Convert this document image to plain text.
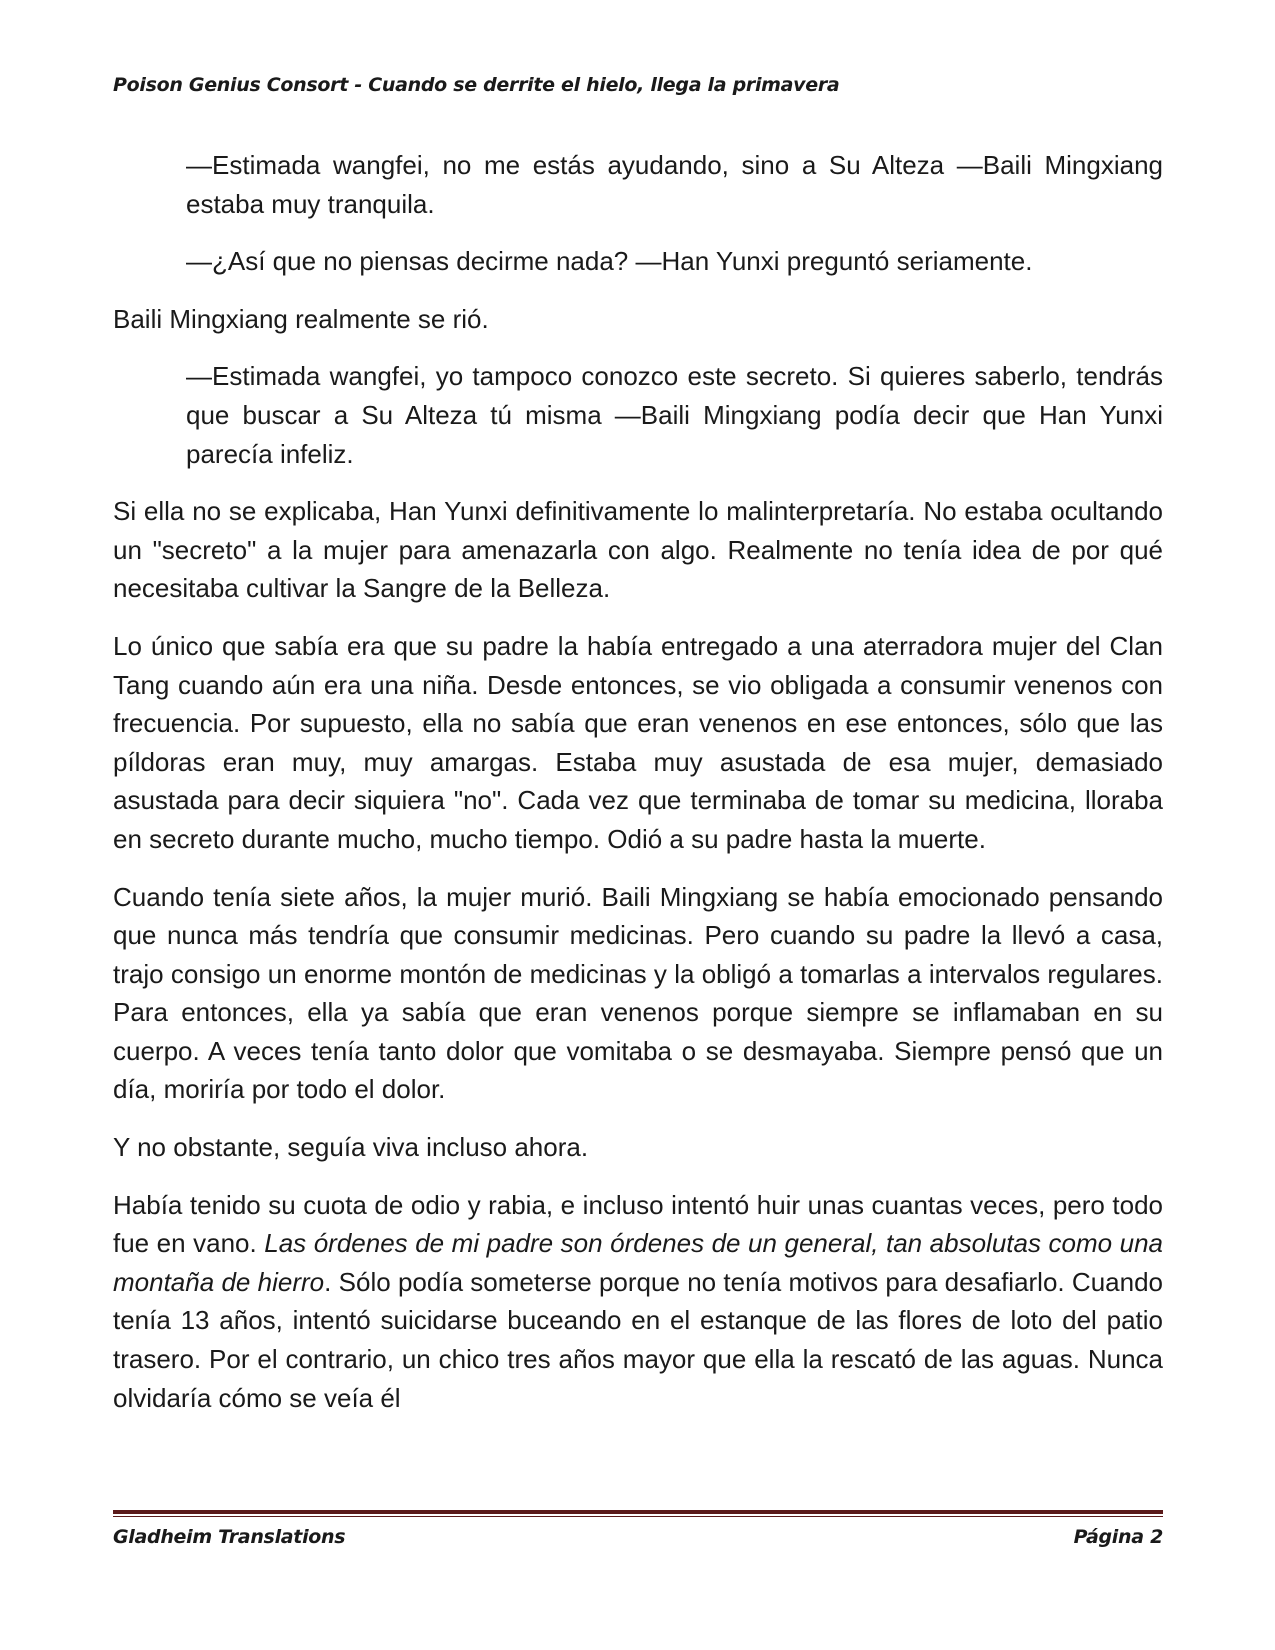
Poison Genius Consort - Cuando se derrite el hielo, llega la primavera

—Estimada wangfei, no me estás ayudando, sino a Su Alteza —Baili Mingxiang estaba muy tranquila.

—¿Así que no piensas decirme nada? —Han Yunxi preguntó seriamente.

Baili Mingxiang realmente se rió.

—Estimada wangfei, yo tampoco conozco este secreto. Si quieres saberlo, tendrás que buscar a Su Alteza tú misma —Baili Mingxiang podía decir que Han Yunxi parecía infeliz.

Si ella no se explicaba, Han Yunxi definitivamente lo malinterpretaría. No estaba ocultando un "secreto" a la mujer para amenazarla con algo. Realmente no tenía idea de por qué necesitaba cultivar la Sangre de la Belleza.

Lo único que sabía era que su padre la había entregado a una aterradora mujer del Clan Tang cuando aún era una niña. Desde entonces, se vio obligada a consumir venenos con frecuencia. Por supuesto, ella no sabía que eran venenos en ese entonces, sólo que las píldoras eran muy, muy amargas. Estaba muy asustada de esa mujer, demasiado asustada para decir siquiera "no". Cada vez que terminaba de tomar su medicina, lloraba en secreto durante mucho, mucho tiempo. Odió a su padre hasta la muerte.

Cuando tenía siete años, la mujer murió. Baili Mingxiang se había emocionado pensando que nunca más tendría que consumir medicinas. Pero cuando su padre la llevó a casa, trajo consigo un enorme montón de medicinas y la obligó a tomarlas a intervalos regulares. Para entonces, ella ya sabía que eran venenos porque siempre se inflamaban en su cuerpo. A veces tenía tanto dolor que vomitaba o se desmayaba. Siempre pensó que un día, moriría por todo el dolor.

Y no obstante, seguía viva incluso ahora.

Había tenido su cuota de odio y rabia, e incluso intentó huir unas cuantas veces, pero todo fue en vano. Las órdenes de mi padre son órdenes de un general, tan absolutas como una montaña de hierro. Sólo podía someterse porque no tenía motivos para desafiarlo. Cuando tenía 13 años, intentó suicidarse buceando en el estanque de las flores de loto del patio trasero. Por el contrario, un chico tres años mayor que ella la rescató de las aguas. Nunca olvidaría cómo se veía él

Gladheim Translations	Página 2
